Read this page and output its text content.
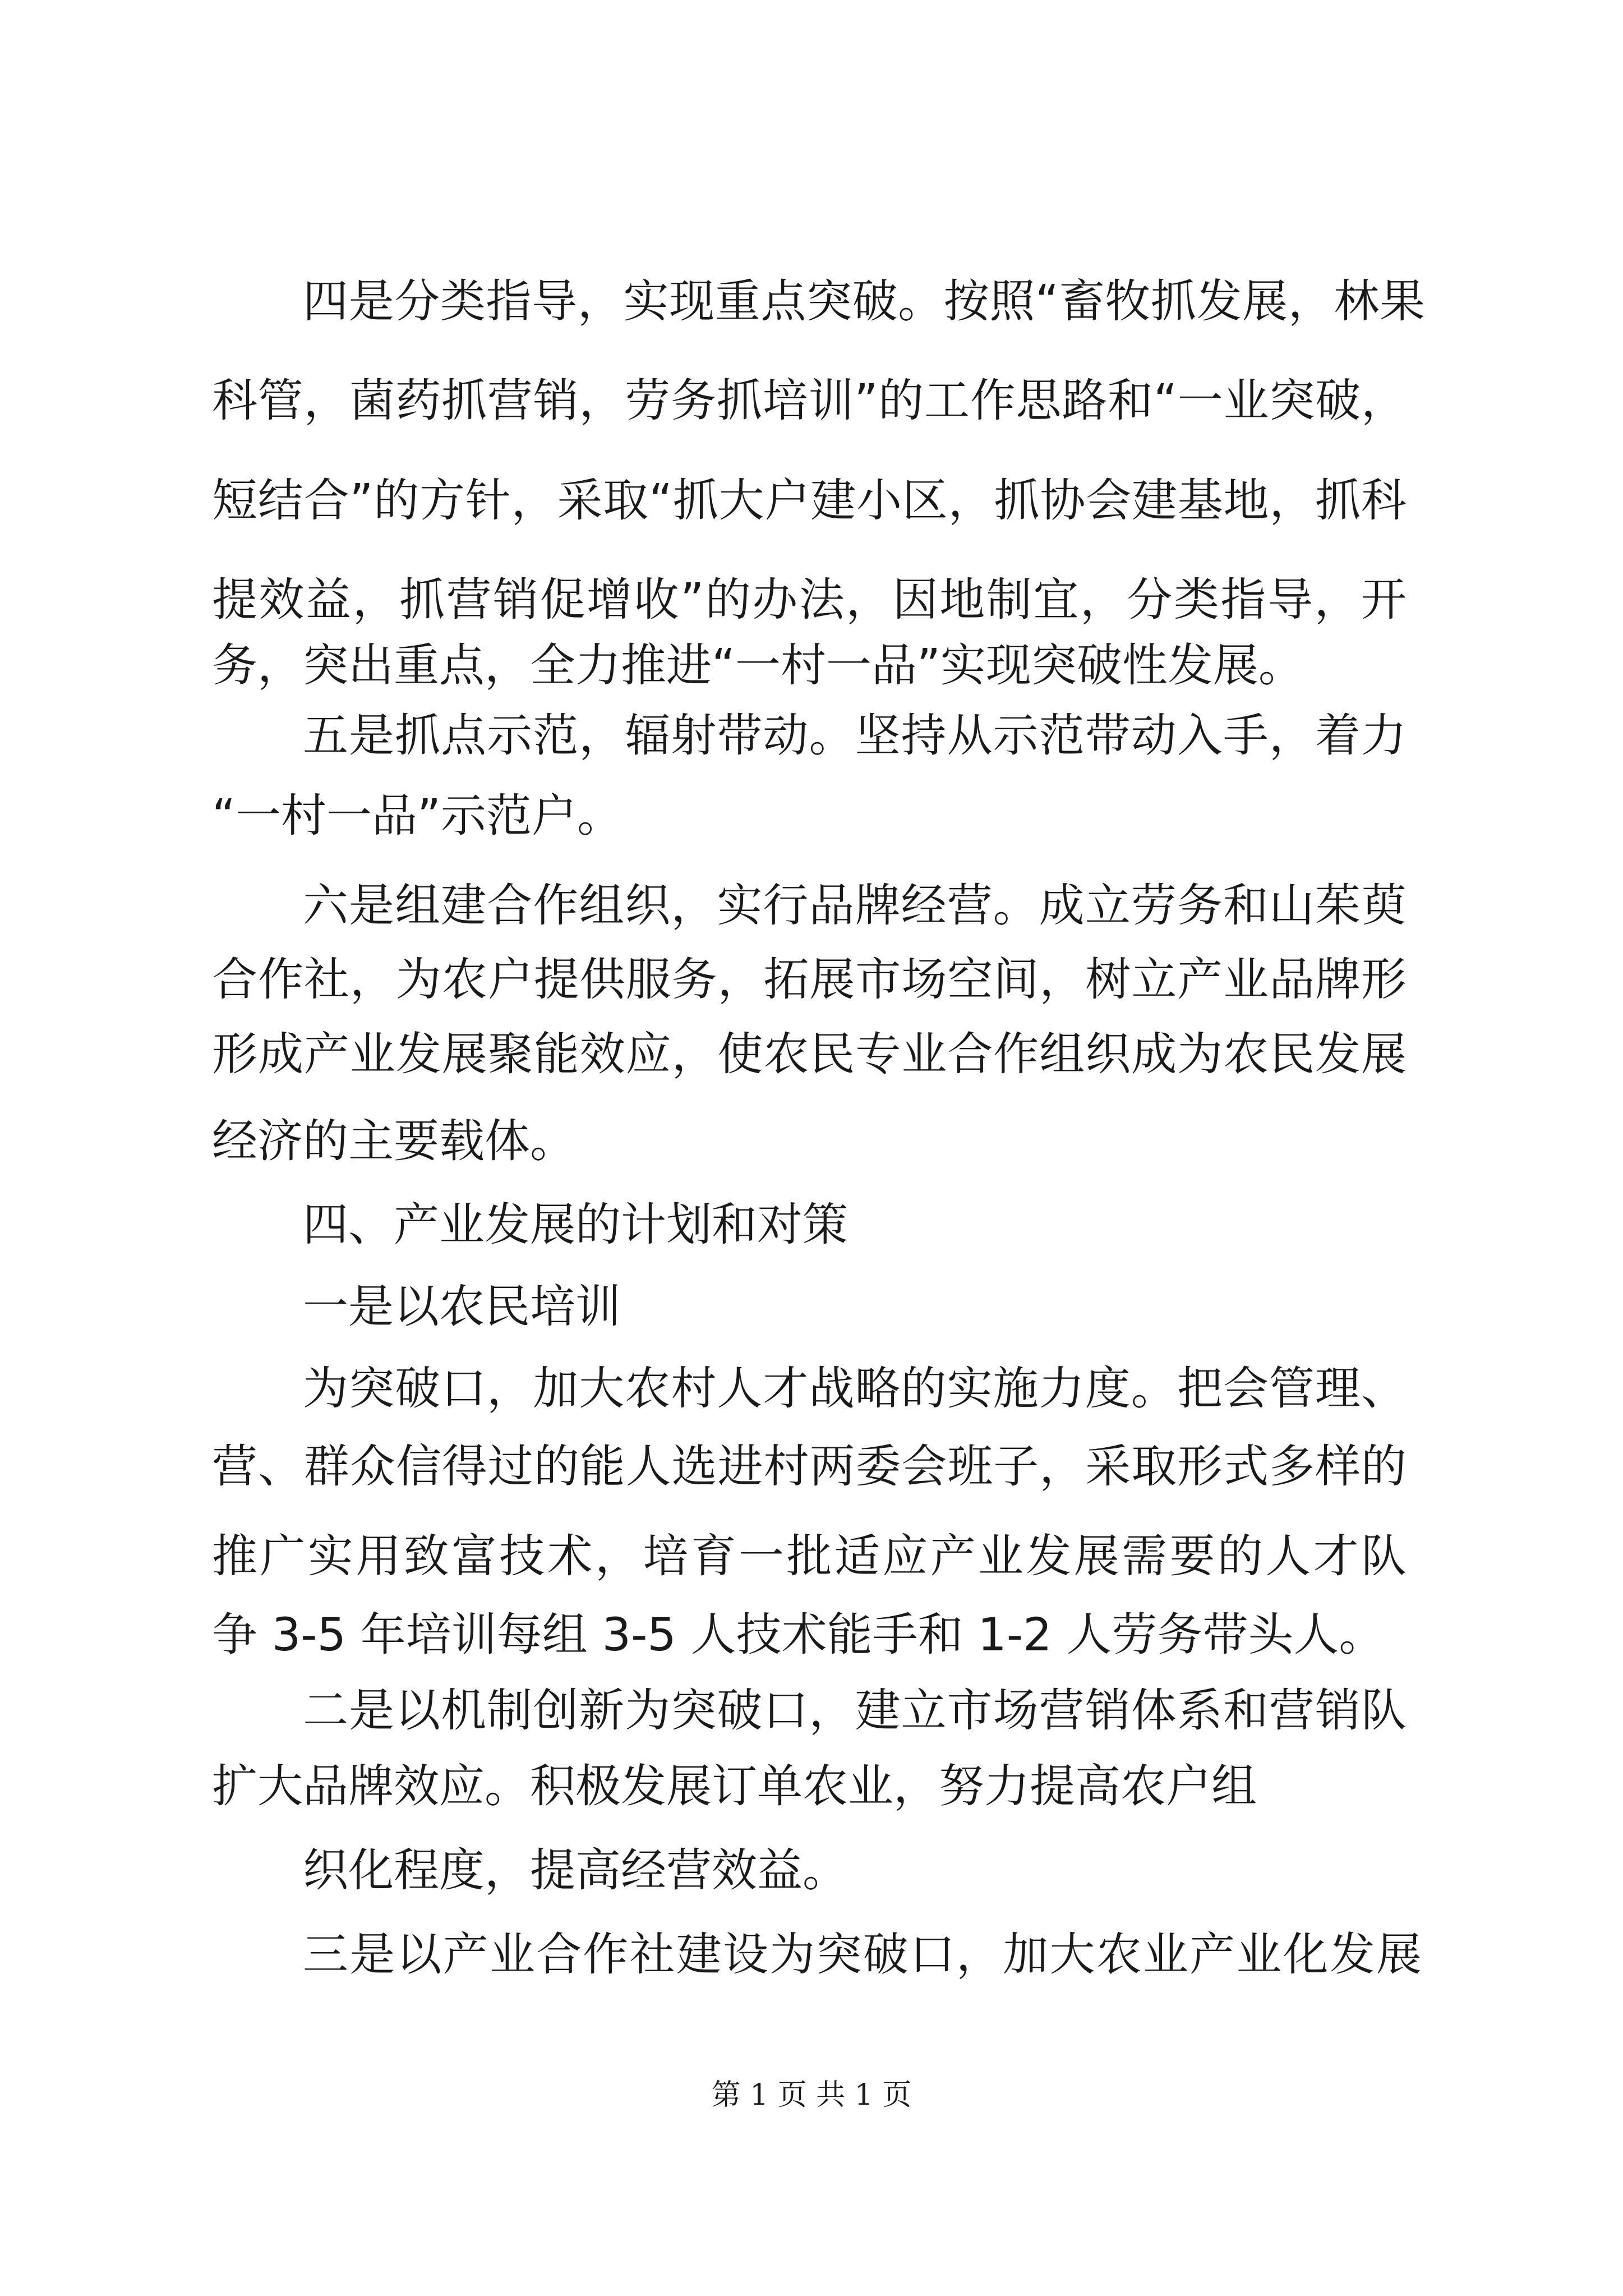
四是分类指导，实现重点突破。按照“畜牧抓发展，林果
科管，菌药抓营销，劳务抓培训”的工作思路和“一业突破，
短结合”的方针，采取“抓大户建小区，抓协会建基地，抓科
提效益，抓营销促增收”的办法，因地制宜，分类指导，开
务，突出重点，全力推进“一村一品”实现突破性发展。
五是抓点示范，辐射带动。坚持从示范带动入手，着力
“一村一品”示范户。
六是组建合作组织，实行品牌经营。成立劳务和山茱萸
合作社，为农户提供服务，拓展市场空间，树立产业品牌形
形成产业发展聚能效应，使农民专业合作组织成为农民发展
经济的主要载体。
四、产业发展的计划和对策
一是以农民培训
为突破口，加大农村人才战略的实施力度。把会管理、
营、群众信得过的能人选进村两委会班子，采取形式多样的
推广实用致富技术，培育一批适应产业发展需要的人才队
争 3-5 年培训每组 3-5 人技术能手和 1-2 人劳务带头人。
二是以机制创新为突破口，建立市场营销体系和营销队
扩大品牌效应。积极发展订单农业，努力提高农户组
织化程度，提高经营效益。
三是以产业合作社建设为突破口，加大农业产业化发展
第 1 页 共 1 页
